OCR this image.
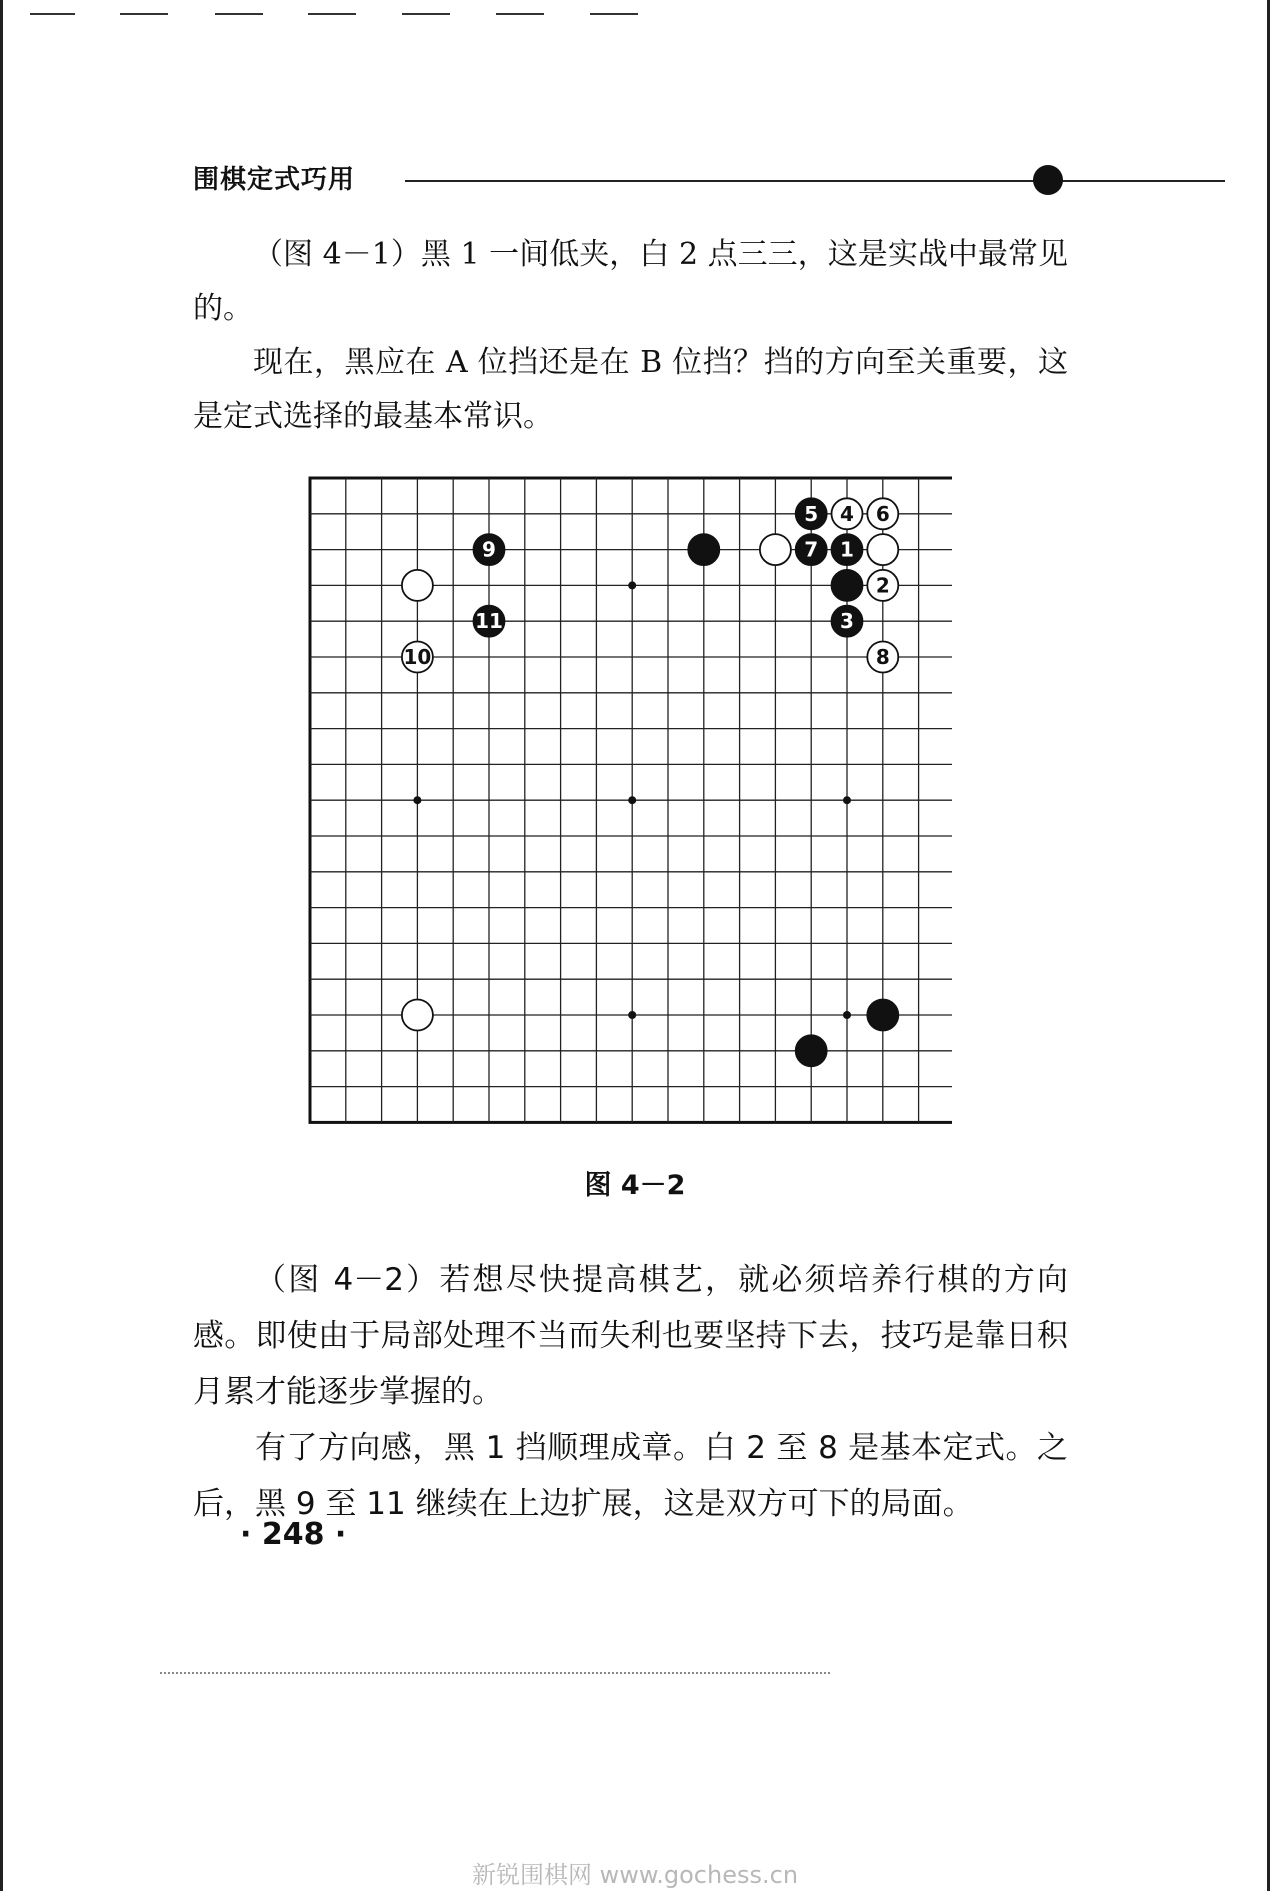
围棋定式巧用

（图 4－1）黑 1 一间低夹，白 2 点三三，这是实战中最常见的。

现在，黑应在 A 位挡还是在 B 位挡？挡的方向至关重要，这是定式选择的最基本常识。

7 1
5 4 6
2
3
8
9
11
10
图 4－2

（图 4－2）若想尽快提高棋艺，就必须培养行棋的方向感。即使由于局部处理不当而失利也要坚持下去，技巧是靠日积月累才能逐步掌握的。

有了方向感，黑 1 挡顺理成章。白 2 至 8 是基本定式。之后，黑 9 至 11 继续在上边扩展，这是双方可下的局面。

· 248 ·
新锐围棋网 www.gochess.cn
